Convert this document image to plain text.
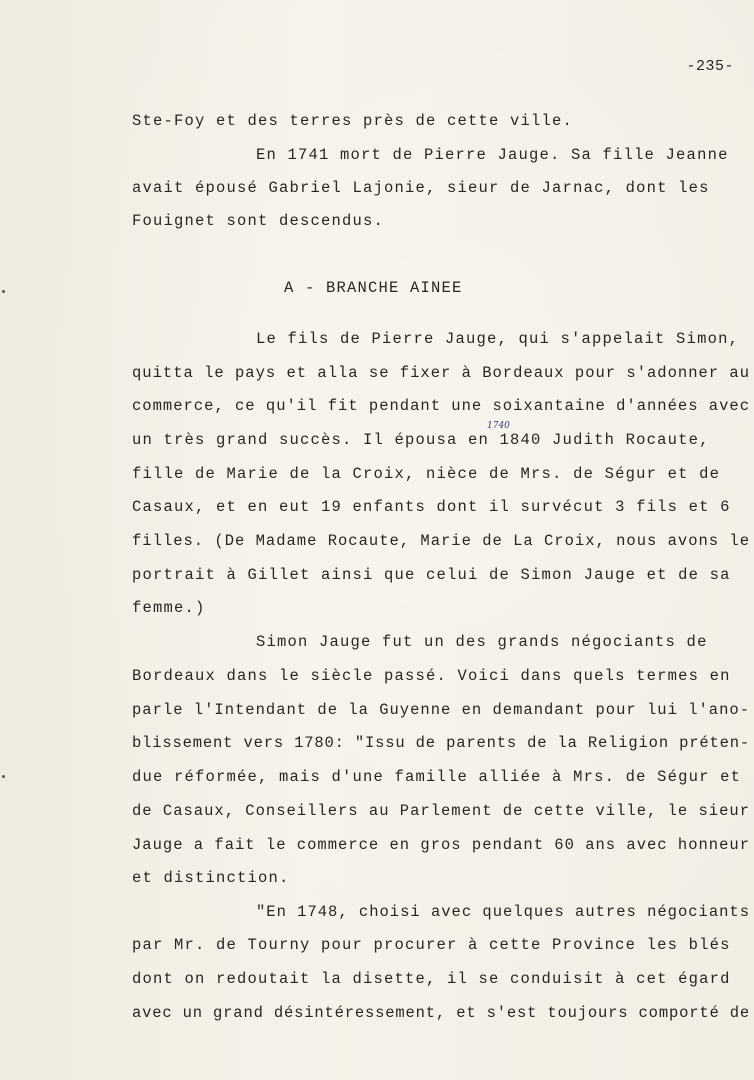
-235-
1740
Ste-Foy et des terres près de cette ville.
En 1741 mort de Pierre Jauge. Sa fille Jeanne
avait épousé Gabriel Lajonie, sieur de Jarnac, dont les
Fouignet sont descendus.
A - BRANCHE AINEE
Le fils de Pierre Jauge, qui s'appelait Simon,
quitta le pays et alla se fixer à Bordeaux pour s'adonner au
commerce, ce qu'il fit pendant une soixantaine d'années avec
un très grand succès. Il épousa en 1840 Judith Rocaute,
fille de Marie de la Croix, nièce de Mrs. de Ségur et de
Casaux, et en eut 19 enfants dont il survécut 3 fils et 6
filles. (De Madame Rocaute, Marie de La Croix, nous avons le
portrait à Gillet ainsi que celui de Simon Jauge et de sa
femme.)
Simon Jauge fut un des grands négociants de
Bordeaux dans le siècle passé. Voici dans quels termes en
parle l'Intendant de la Guyenne en demandant pour lui l'ano-
blissement vers 1780: "Issu de parents de la Religion préten-
due réformée, mais d'une famille alliée à Mrs. de Ségur et
de Casaux, Conseillers au Parlement de cette ville, le sieur
Jauge a fait le commerce en gros pendant 60 ans avec honneur
et distinction.
"En 1748, choisi avec quelques autres négociants
par Mr. de Tourny pour procurer à cette Province les blés
dont on redoutait la disette, il se conduisit à cet égard
avec un grand désintéressement, et s'est toujours comporté de
